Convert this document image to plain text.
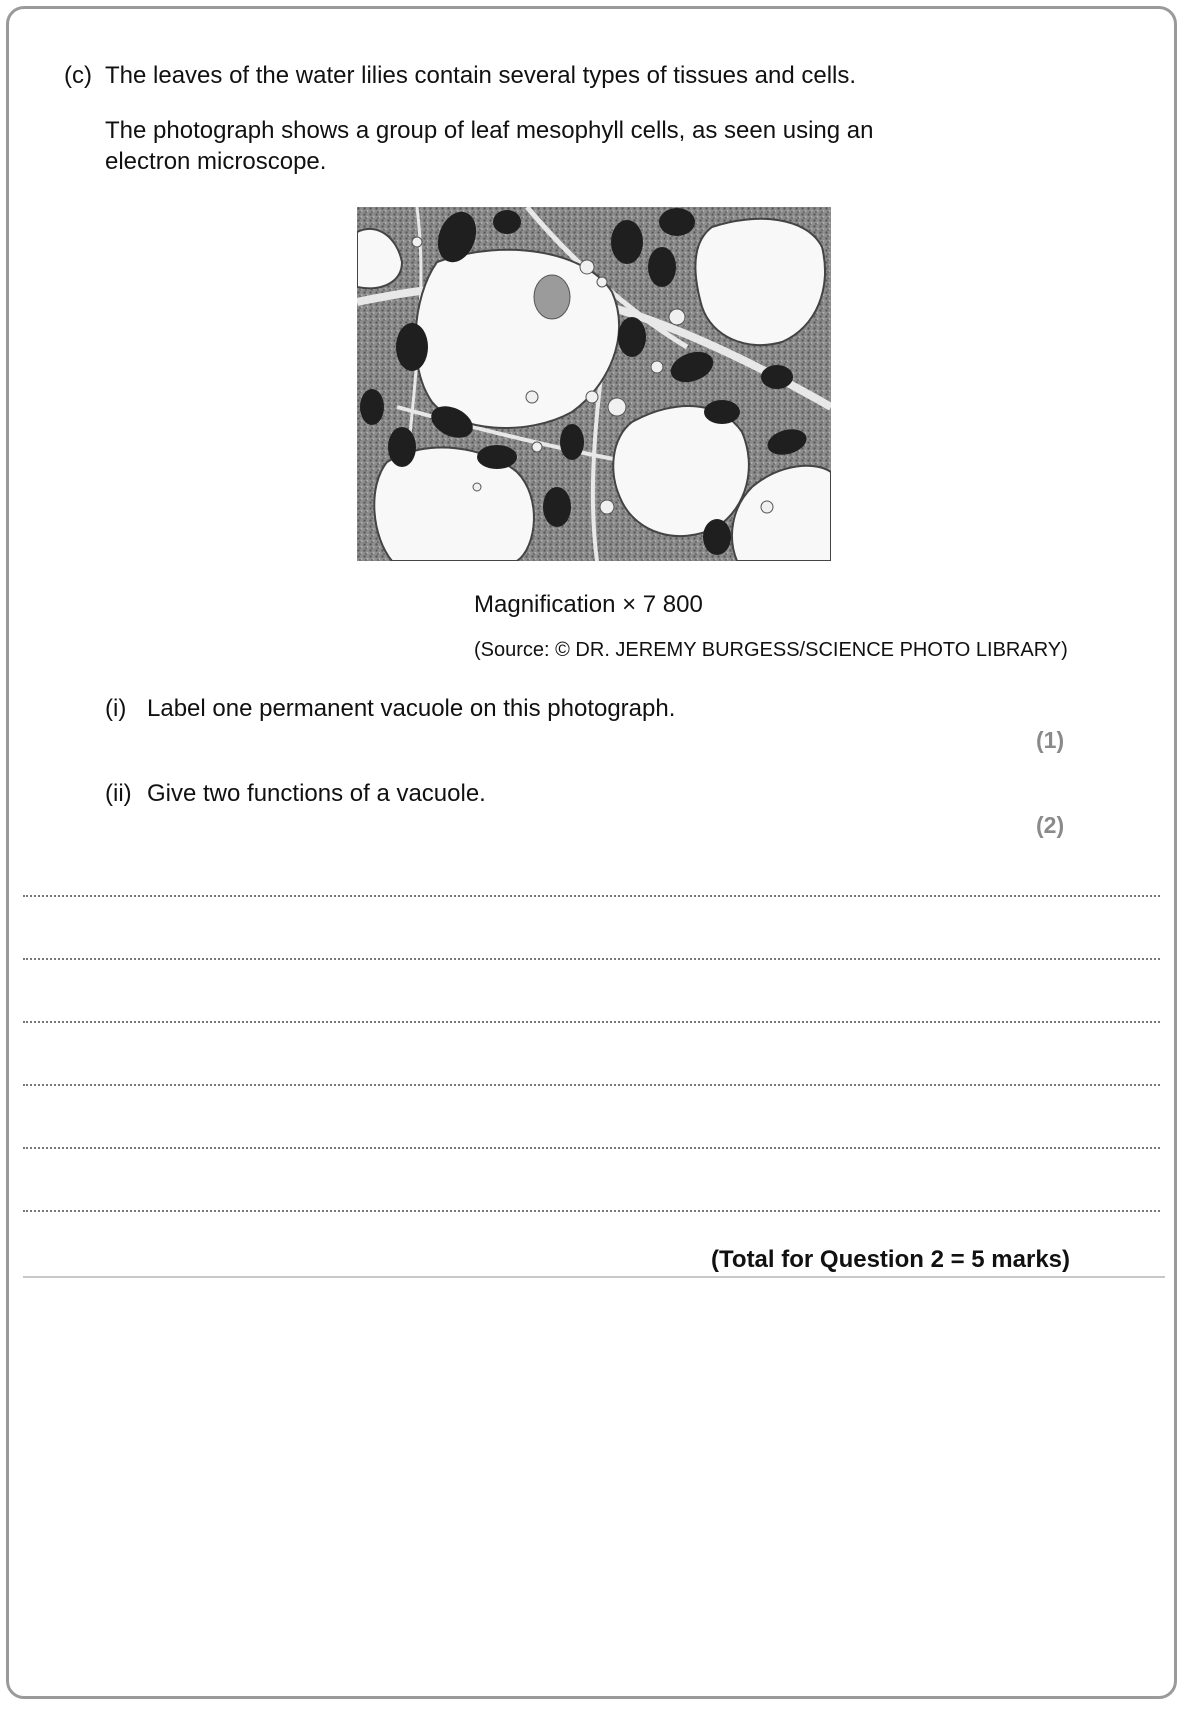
(c) The leaves of the water lilies contain several types of tissues and cells.
The photograph shows a group of leaf mesophyll cells, as seen using an
electron microscope.
Magnification × 7 800
(Source: © DR. JEREMY BURGESS/SCIENCE PHOTO LIBRARY)
(i) Label one permanent vacuole on this photograph.
(1)
(ii) Give two functions of a vacuole.
(2)
(Total for Question 2 = 5 marks)
